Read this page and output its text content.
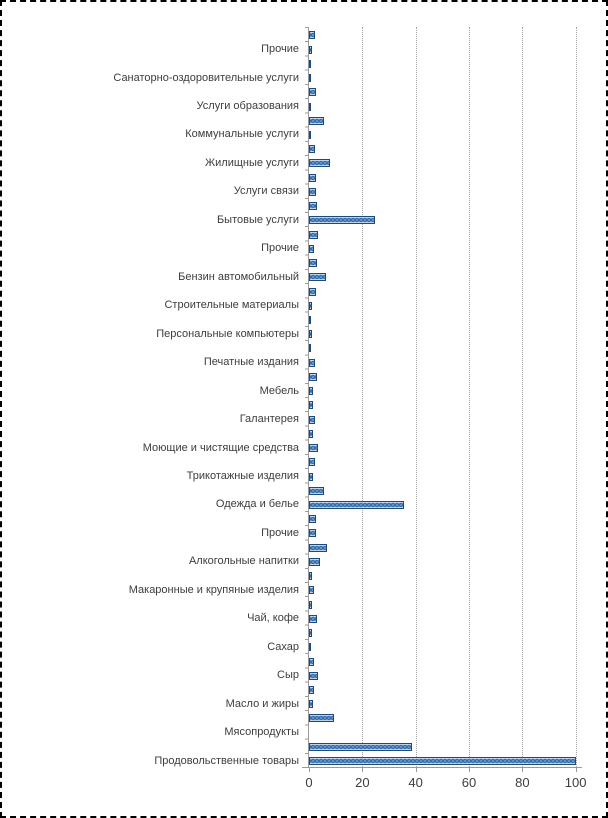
Прочие
Санаторно-оздоровительные услуги
Услуги образования
Коммунальные услуги
Жилищные услуги
Услуги связи
Бытовые услуги
Прочие
Бензин автомобильный
Строительные материалы
Персональные компьютеры
Печатные издания
Мебель
Галантерея
Моющие и чистящие средства
Трикотажные изделия
Одежда и белье
Прочие
Алкогольные напитки
Макаронные и крупяные изделия
Чай, кофе
Сахар
Сыр
Масло и жиры
Мясопродукты
Продовольственные товары
0	20	40	60	80	100
